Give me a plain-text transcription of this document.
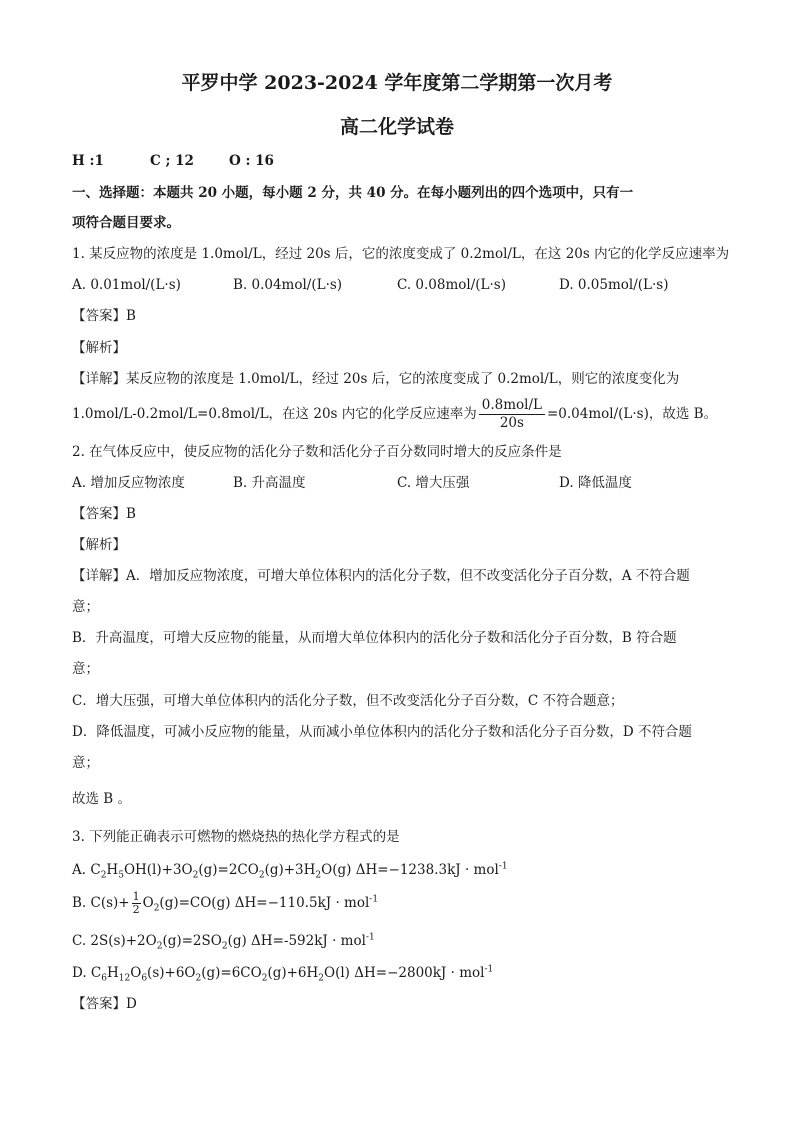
平罗中学 2023-2024 学年度第二学期第一次月考
高二化学试卷
H :1	C ; 12	O : 16
一、选择题：本题共 20 小题，每小题 2 分，共 40 分。在每小题列出的四个选项中，只有一
项符合题目要求。
1. 某反应物的浓度是 1.0mol/L，经过 20s 后，它的浓度变成了 0.2mol/L，在这 20s 内它的化学反应速率为
A. 0.01mol/(L·s)	B. 0.04mol/(L·s)	C. 0.08mol/(L·s)	D. 0.05mol/(L·s)
【答案】B
【解析】
【详解】某反应物的浓度是 1.0mol/L，经过 20s 后，它的浓度变成了 0.2mol/L，则它的浓度变化为
1.0mol/L-0.2mol/L=0.8mol/L，在这 20s 内它的化学反应速率为 $\frac{\text{0.8mol/L}}{20s} =0.04mol/(L\cdot s)$，故选 B。
2. 在气体反应中，使反应物的活化分子数和活化分子百分数同时增大的反应条件是
A. 增加反应物浓度	B. 升高温度	C. 增大压强	D. 降低温度
【答案】B
【解析】
【详解】A．增加反应物浓度，可增大单位体积内的活化分子数，但不改变活化分子百分数，A 不符合题
意；
B．升高温度，可增大反应物的能量，从而增大单位体积内的活化分子数和活化分子百分数，B 符合题
意；
C．增大压强，可增大单位体积内的活化分子数，但不改变活化分子百分数，C 不符合题意；
D．降低温度，可减小反应物的能量，从而减小单位体积内的活化分子数和活化分子百分数，D 不符合题
意；
故选 B 。
3. 下列能正确表示可燃物的燃烧热的热化学方程式的是
A. $C_2H_5OH(l)+3O_2(g)=2CO_2(g)+3H_2O(g) \Delta H=-1238.3kJ \cdot mol^{-1}$
B. $C(s)+ \frac{1}{2} O_2(g)=CO(g) \Delta H=-110.5kJ \cdot mol^{-1}$
C. $2S(s)+2O_2(g)=2SO_2(g) \Delta H=-592kJ \cdot mol^{-1}$
D. $C_6H_{12}O_6(s)+6O_2(g)=6CO_2(g)+6H_2O(l) \Delta H=-2800kJ \cdot mol^{-1}$
【答案】D
